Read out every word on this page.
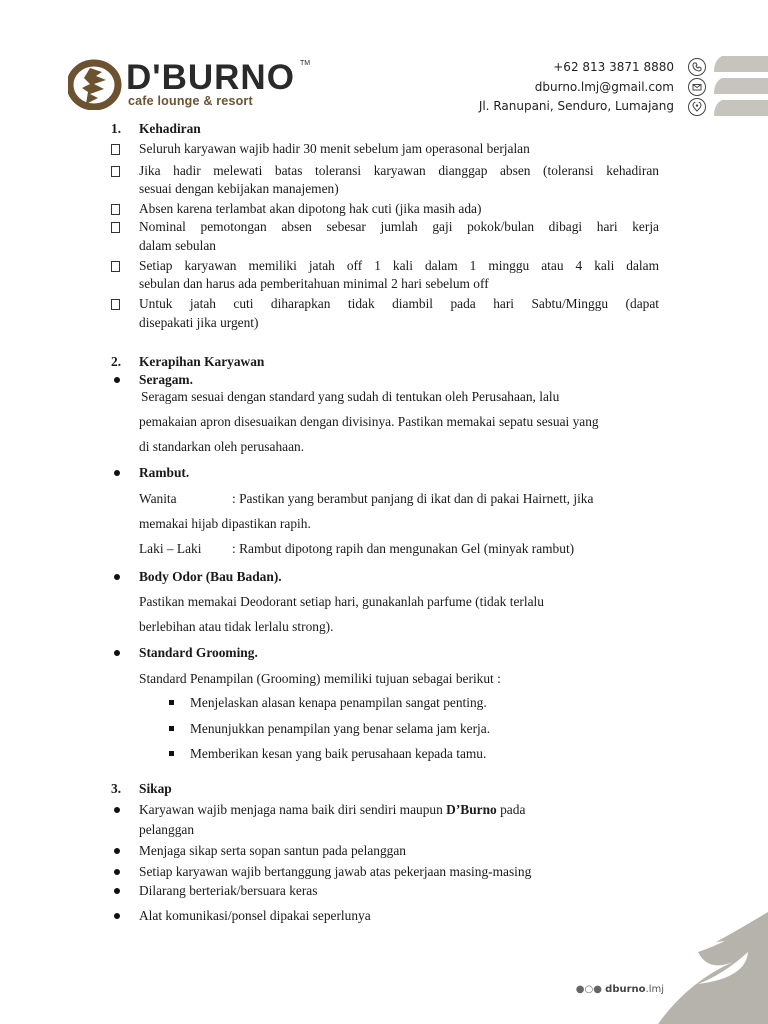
D'BURNO TM
cafe lounge & resort
+62 813 3871 8880
dburno.lmj@gmail.com
Jl. Ranupani, Senduro, Lumajang
1. Kehadiran
Seluruh karyawan wajib hadir 30 menit sebelum jam operasonal berjalan
Jika hadir melewati batas toleransi karyawan dianggap absen (toleransi kehadiran
sesuai dengan kebijakan manajemen)
Absen karena terlambat akan dipotong hak cuti (jika masih ada)
Nominal pemotongan absen sebesar jumlah gaji pokok/bulan dibagi hari kerja
dalam sebulan
Setiap karyawan memiliki jatah off 1 kali dalam 1 minggu atau 4 kali dalam
sebulan dan harus ada pemberitahuan minimal 2 hari sebelum off
Untuk jatah cuti diharapkan tidak diambil pada hari Sabtu/Minggu (dapat
disepakati jika urgent)
2. Kerapihan Karyawan
Seragam.
Seragam sesuai dengan standard yang sudah di tentukan oleh Perusahaan, lalu
pemakaian apron disesuaikan dengan divisinya. Pastikan memakai sepatu sesuai yang
di standarkan oleh perusahaan.
Rambut.
Wanita	: Pastikan yang berambut panjang di ikat dan di pakai Hairnett, jika
memakai hijab dipastikan rapih.
Laki – Laki : Rambut dipotong rapih dan mengunakan Gel (minyak rambut)
Body Odor (Bau Badan).
Pastikan memakai Deodorant setiap hari, gunakanlah parfume (tidak terlalu
berlebihan atau tidak lerlalu strong).
Standard Grooming.
Standard Penampilan (Grooming) memiliki tujuan sebagai berikut :
Menjelaskan alasan kenapa penampilan sangat penting.
Menunjukkan penampilan yang benar selama jam kerja.
Memberikan kesan yang baik perusahaan kepada tamu.
3. Sikap
Karyawan wajib menjaga nama baik diri sendiri maupun D’Burno pada
pelanggan
Menjaga sikap serta sopan santun pada pelanggan
Setiap karyawan wajib bertanggung jawab atas pekerjaan masing-masing
Dilarang berteriak/bersuara keras
Alat komunikasi/ponsel dipakai seperlunya
●○● dburno.lmj
